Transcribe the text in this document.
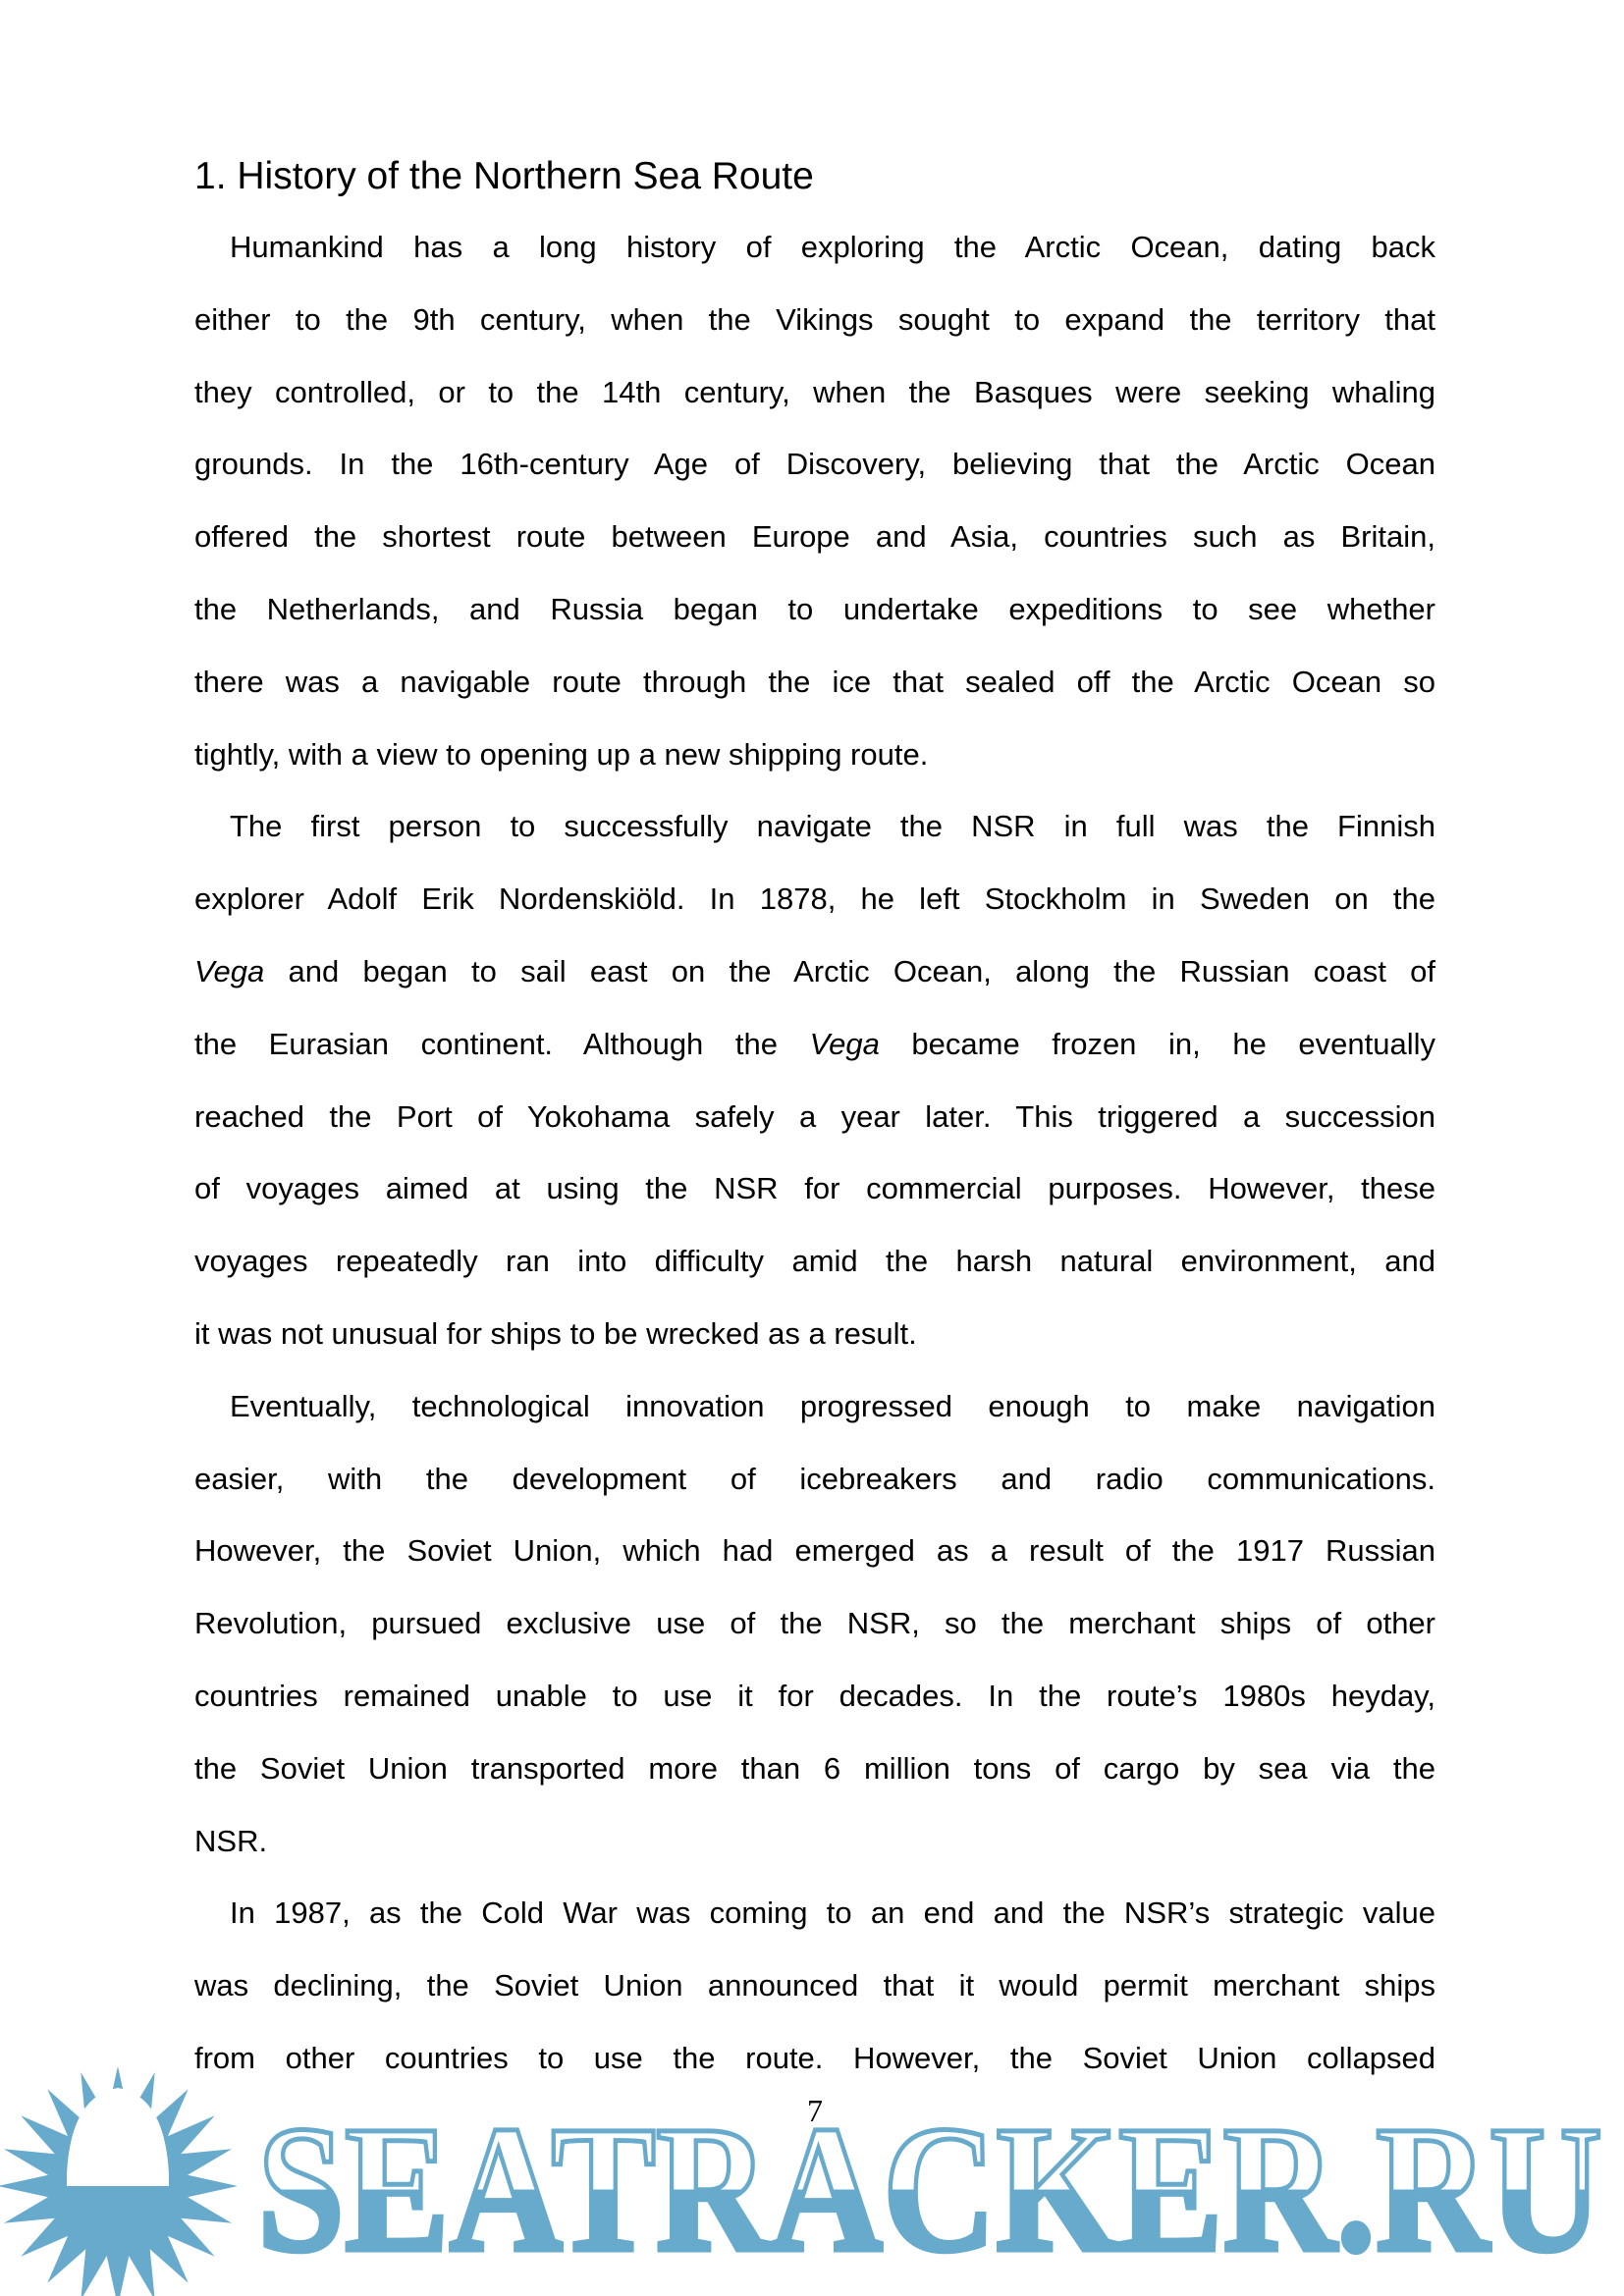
1. History of the Northern Sea Route
Humankind has a long history of exploring the Arctic Ocean, dating back
either to the 9th century, when the Vikings sought to expand the territory that
they controlled, or to the 14th century, when the Basques were seeking whaling
grounds. In the 16th-century Age of Discovery, believing that the Arctic Ocean
offered the shortest route between Europe and Asia, countries such as Britain,
the Netherlands, and Russia began to undertake expeditions to see whether
there was a navigable route through the ice that sealed off the Arctic Ocean so
tightly, with a view to opening up a new shipping route.
The first person to successfully navigate the NSR in full was the Finnish
explorer Adolf Erik Nordenskiöld. In 1878, he left Stockholm in Sweden on the
Vega and began to sail east on the Arctic Ocean, along the Russian coast of
the Eurasian continent. Although the Vega became frozen in, he eventually
reached the Port of Yokohama safely a year later. This triggered a succession
of voyages aimed at using the NSR for commercial purposes. However, these
voyages repeatedly ran into difficulty amid the harsh natural environment, and
it was not unusual for ships to be wrecked as a result.
Eventually, technological innovation progressed enough to make navigation
easier, with the development of icebreakers and radio communications.
However, the Soviet Union, which had emerged as a result of the 1917 Russian
Revolution, pursued exclusive use of the NSR, so the merchant ships of other
countries remained unable to use it for decades. In the route’s 1980s heyday,
the Soviet Union transported more than 6 million tons of cargo by sea via the
NSR.
In 1987, as the Cold War was coming to an end and the NSR’s strategic value
was declining, the Soviet Union announced that it would permit merchant ships
from other countries to use the route. However, the Soviet Union collapsed
7
SEATRACKER.RU
